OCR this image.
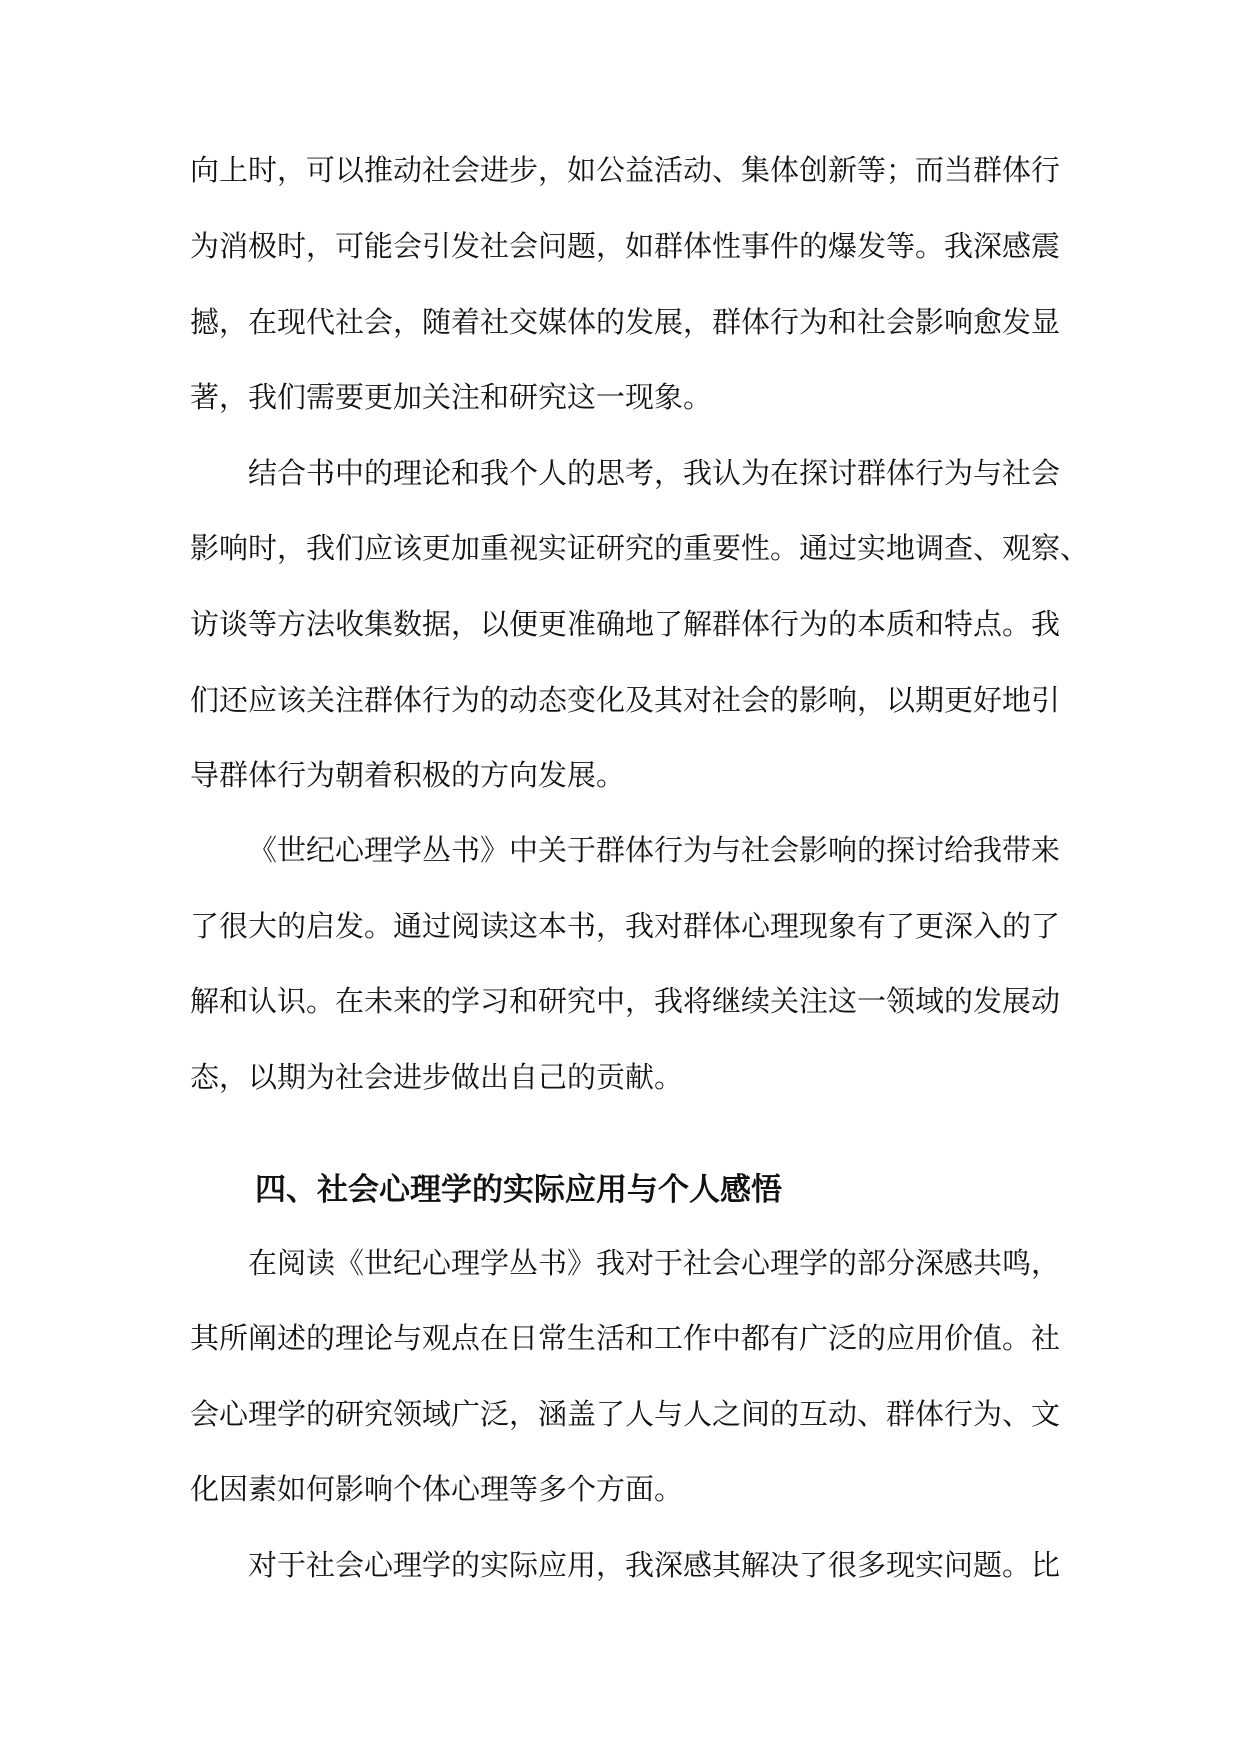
向上时，可以推动社会进步，如公益活动、集体创新等；而当群体行

为消极时，可能会引发社会问题，如群体性事件的爆发等。我深感震

撼，在现代社会，随着社交媒体的发展，群体行为和社会影响愈发显

著，我们需要更加关注和研究这一现象。

结合书中的理论和我个人的思考，我认为在探讨群体行为与社会

影响时，我们应该更加重视实证研究的重要性。通过实地调查、观察、

访谈等方法收集数据，以便更准确地了解群体行为的本质和特点。我

们还应该关注群体行为的动态变化及其对社会的影响，以期更好地引

导群体行为朝着积极的方向发展。

《世纪心理学丛书》中关于群体行为与社会影响的探讨给我带来

了很大的启发。通过阅读这本书，我对群体心理现象有了更深入的了

解和认识。在未来的学习和研究中，我将继续关注这一领域的发展动

态，以期为社会进步做出自己的贡献。

四、社会心理学的实际应用与个人感悟

在阅读《世纪心理学丛书》我对于社会心理学的部分深感共鸣，

其所阐述的理论与观点在日常生活和工作中都有广泛的应用价值。社

会心理学的研究领域广泛，涵盖了人与人之间的互动、群体行为、文

化因素如何影响个体心理等多个方面。

对于社会心理学的实际应用，我深感其解决了很多现实问题。比
